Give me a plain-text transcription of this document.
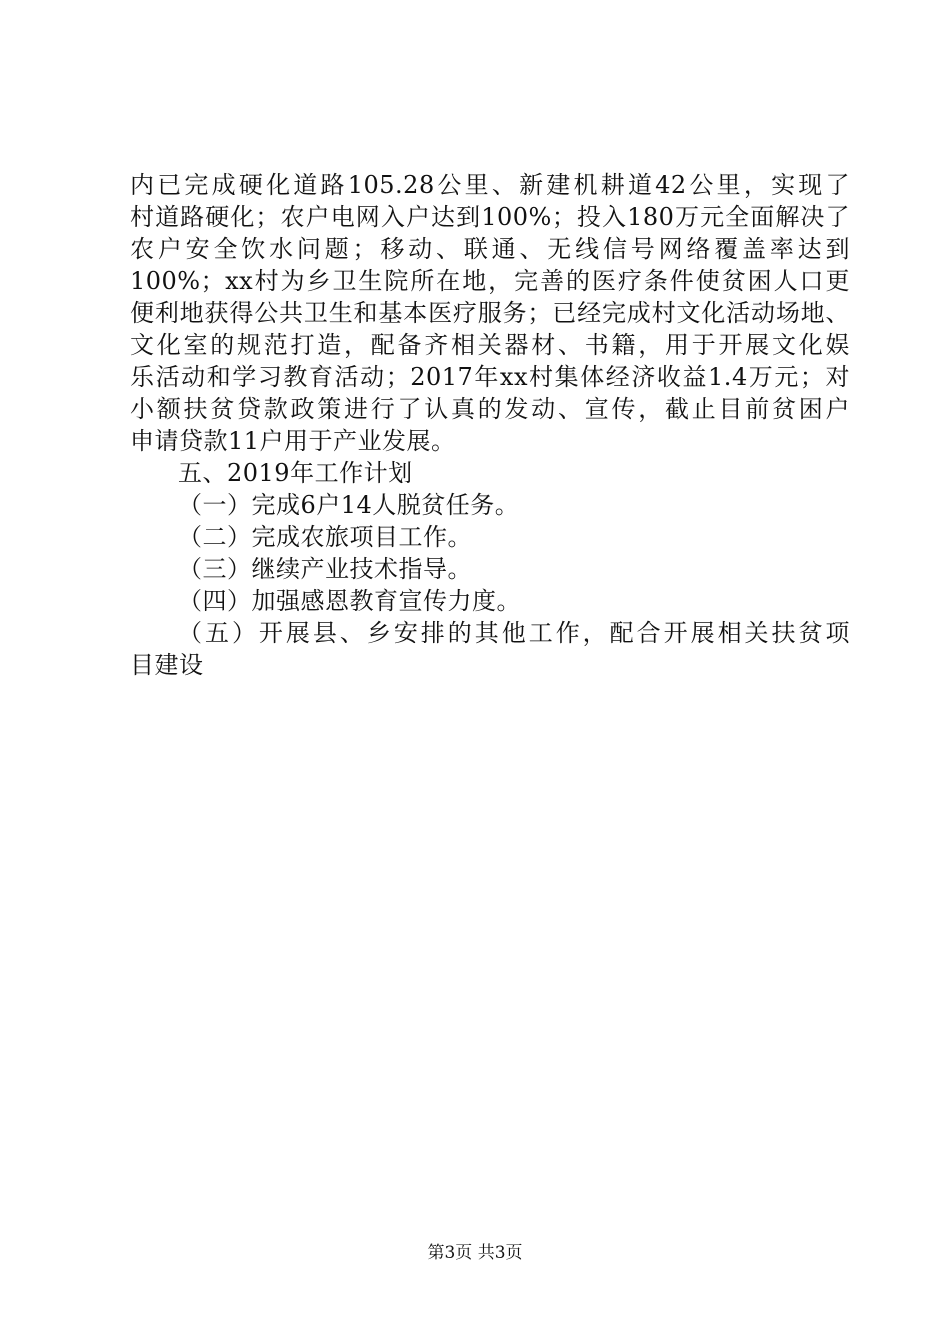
内已完成硬化道路105.28公里、新建机耕道42公里，实现了
村道路硬化；农户电网入户达到100%；投入180万元全面解决了
农户安全饮水问题；移动、联通、无线信号网络覆盖率达到
100%；xx村为乡卫生院所在地，完善的医疗条件使贫困人口更
便利地获得公共卫生和基本医疗服务；已经完成村文化活动场地、
文化室的规范打造，配备齐相关器材、书籍，用于开展文化娱
乐活动和学习教育活动；2017年xx村集体经济收益1.4万元；对
小额扶贫贷款政策进行了认真的发动、宣传，截止目前贫困户
申请贷款11户用于产业发展。
五、2019年工作计划
（一）完成6户14人脱贫任务。
（二）完成农旅项目工作。
（三）继续产业技术指导。
（四）加强感恩教育宣传力度。
（五）开展县、乡安排的其他工作，配合开展相关扶贫项
目建设
第3页 共3页
